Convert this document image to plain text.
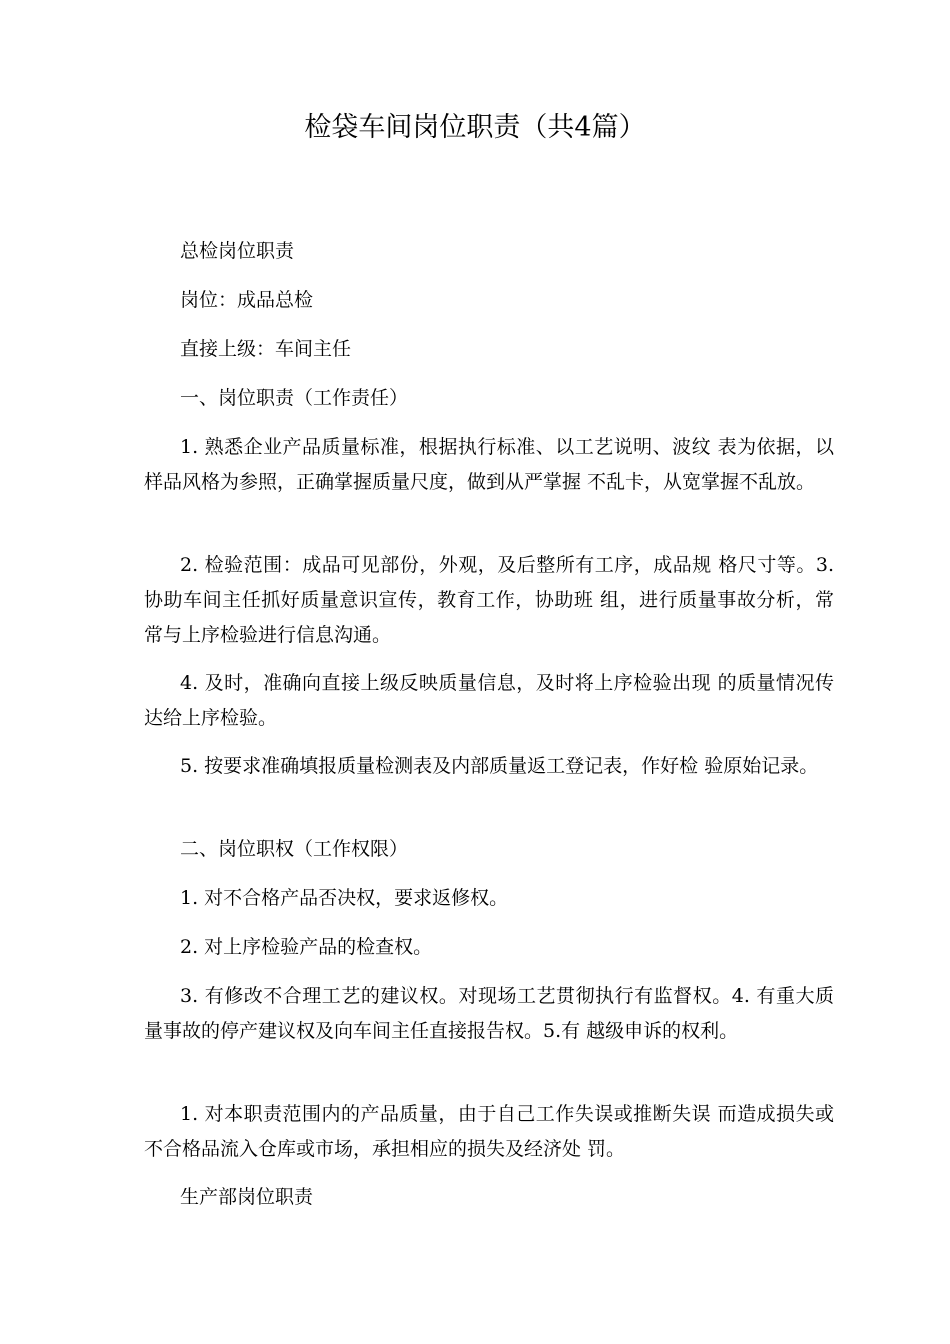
检袋车间岗位职责（共4篇）

总检岗位职责

岗位：成品总检

直接上级：车间主任

一、岗位职责（工作责任）

1. 熟悉企业产品质量标准，根据执行标准、以工艺说明、波纹 表为依据，以样品风格为参照，正确掌握质量尺度，做到从严掌握 不乱卡，从宽掌握不乱放。

2. 检验范围：成品可见部份，外观，及后整所有工序，成品规 格尺寸等。3. 协助车间主任抓好质量意识宣传，教育工作，协助班 组，进行质量事故分析，常常与上序检验进行信息沟通。

4. 及时，准确向直接上级反映质量信息，及时将上序检验出现 的质量情况传达给上序检验。

5. 按要求准确填报质量检测表及内部质量返工登记表，作好检 验原始记录。

二、岗位职权（工作权限）

1. 对不合格产品否决权，要求返修权。

2. 对上序检验产品的检查权。

3. 有修改不合理工艺的建议权。对现场工艺贯彻执行有监督权。4. 有重大质量事故的停产建议权及向车间主任直接报告权。5.有 越级申诉的权利。

1. 对本职责范围内的产品质量，由于自己工作失误或推断失误 而造成损失或不合格品流入仓库或市场，承担相应的损失及经济处 罚。

生产部岗位职责
